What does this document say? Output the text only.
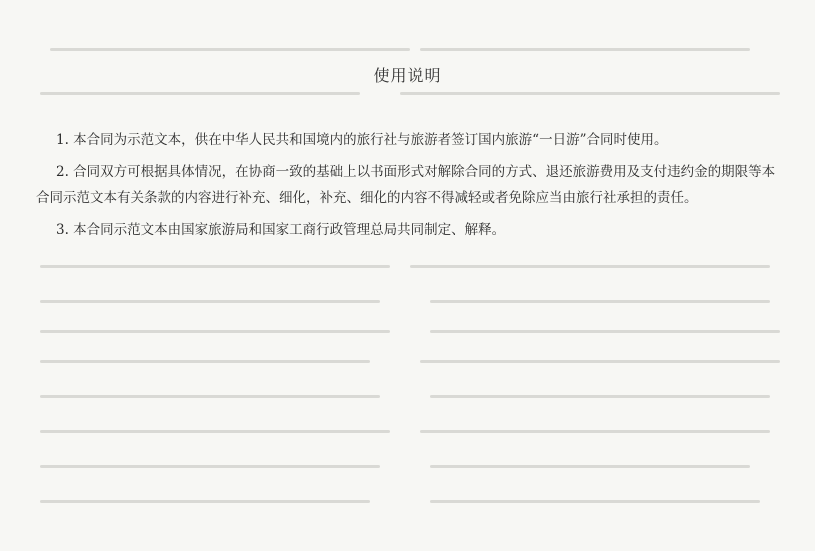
使用说明

1. 本合同为示范文本，供在中华人民共和国境内的旅行社与旅游者签订国内旅游“一日游”合同时使用。

2. 合同双方可根据具体情况，在协商一致的基础上以书面形式对解除合同的方式、退还旅游费用及支付违约金的期限等本合同示范文本有关条款的内容进行补充、细化，补充、细化的内容不得减轻或者免除应当由旅行社承担的责任。

3. 本合同示范文本由国家旅游局和国家工商行政管理总局共同制定、解释。
